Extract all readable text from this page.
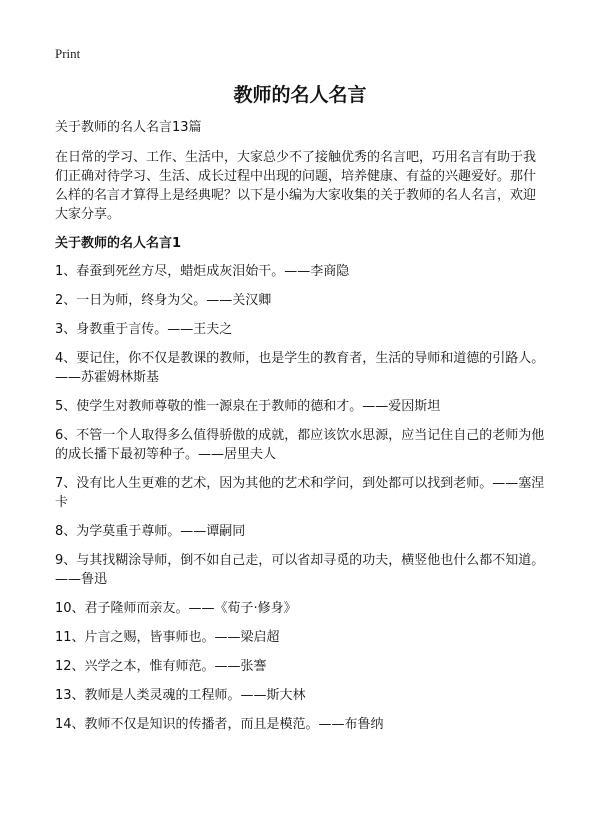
Print
教师的名人名言

关于教师的名人名言13篇

在日常的学习、工作、生活中，大家总少不了接触优秀的名言吧，巧用名言有助于我们正确对待学习、生活、成长过程中出现的问题，培养健康、有益的兴趣爱好。那什么样的名言才算得上是经典呢？以下是小编为大家收集的关于教师的名人名言，欢迎大家分享。

关于教师的名人名言1

1、春蚕到死丝方尽，蜡炬成灰泪始干。——李商隐
2、一日为师，终身为父。——关汉卿
3、身教重于言传。——王夫之
4、要记住，你不仅是教课的教师，也是学生的教育者，生活的导师和道德的引路人。——苏霍姆林斯基
5、使学生对教师尊敬的惟一源泉在于教师的德和才。——爱因斯坦
6、不管一个人取得多么值得骄傲的成就，都应该饮水思源，应当记住自己的老师为他的成长播下最初等种子。——居里夫人
7、没有比人生更难的艺术，因为其他的艺术和学问，到处都可以找到老师。——塞涅卡
8、为学莫重于尊师。——谭嗣同
9、与其找糊涂导师，倒不如自己走，可以省却寻觅的功夫，横竖他也什么都不知道。——鲁迅
10、君子隆师而亲友。——《荀子·修身》
11、片言之赐，皆事师也。——梁启超
12、兴学之本，惟有师范。——张謇
13、教师是人类灵魂的工程师。——斯大林
14、教师不仅是知识的传播者，而且是模范。——布鲁纳
